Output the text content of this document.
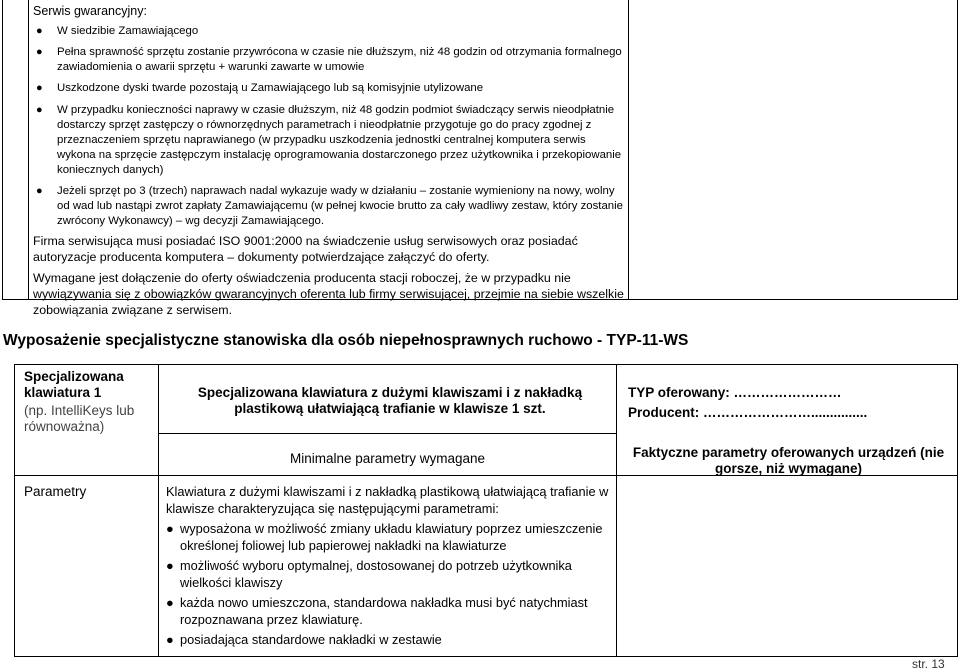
Serwis gwarancyjny:
● W siedzibie Zamawiającego
● Pełna sprawność sprzętu zostanie przywrócona w czasie nie dłuższym, niż 48 godzin od otrzymania formalnego zawiadomienia o awarii sprzętu + warunki zawarte w umowie
● Uszkodzone dyski twarde pozostają u Zamawiającego lub są komisyjnie utylizowane
● W przypadku konieczności naprawy w czasie dłuższym, niż 48 godzin podmiot świadczący serwis nieodpłatnie dostarczy sprzęt zastępczy o równorzędnych parametrach i nieodpłatnie przygotuje go do pracy zgodnej z przeznaczeniem sprzętu naprawianego (w przypadku uszkodzenia jednostki centralnej komputera serwis wykona na sprzęcie zastępczym instalację oprogramowania dostarczonego przez użytkownika i przekopiowanie koniecznych danych)
● Jeżeli sprzęt po 3 (trzech) naprawach nadal wykazuje wady w działaniu – zostanie wymieniony na nowy, wolny od wad lub nastąpi zwrot zapłaty Zamawiającemu (w pełnej kwocie brutto za cały wadliwy zestaw, który zostanie zwrócony Wykonawcy) – wg decyzji Zamawiającego.

Firma serwisująca musi posiadać ISO 9001:2000 na świadczenie usług serwisowych oraz posiadać autoryzacje producenta komputera – dokumenty potwierdzające załączyć do oferty.

Wymagane jest dołączenie do oferty oświadczenia producenta stacji roboczej, że w przypadku nie wywiązywania się z obowiązków gwarancyjnych oferenta lub firmy serwisującej, przejmie na siebie wszelkie zobowiązania związane z serwisem.

Wyposażenie specjalistyczne stanowiska dla osób niepełnosprawnych ruchowo - TYP-11-WS
Specjalizowana
klawiatura 1
(np. IntelliKeys lub równoważna)
Specjalizowana klawiatura z dużymi klawiszami i z nakładką plastikową ułatwiającą trafianie w klawisze 1 szt.
TYP oferowany: ……………………
Producent: ……………………...............
Minimalne parametry wymagane	Faktyczne parametry oferowanych urządzeń (nie gorsze, niż wymagane)
Parametry	Klawiatura z dużymi klawiszami i z nakładką plastikową ułatwiającą trafianie w klawisze charakteryzująca się następującymi parametrami:
● wyposażona w możliwość zmiany układu klawiatury poprzez umieszczenie określonej foliowej lub papierowej nakładki na klawiaturze
● możliwość wyboru optymalnej, dostosowanej do potrzeb użytkownika wielkości klawiszy
● każda nowo umieszczona, standardowa nakładka musi być natychmiast rozpoznawana przez klawiaturę.
● posiadająca standardowe nakładki w zestawie
str. 13
